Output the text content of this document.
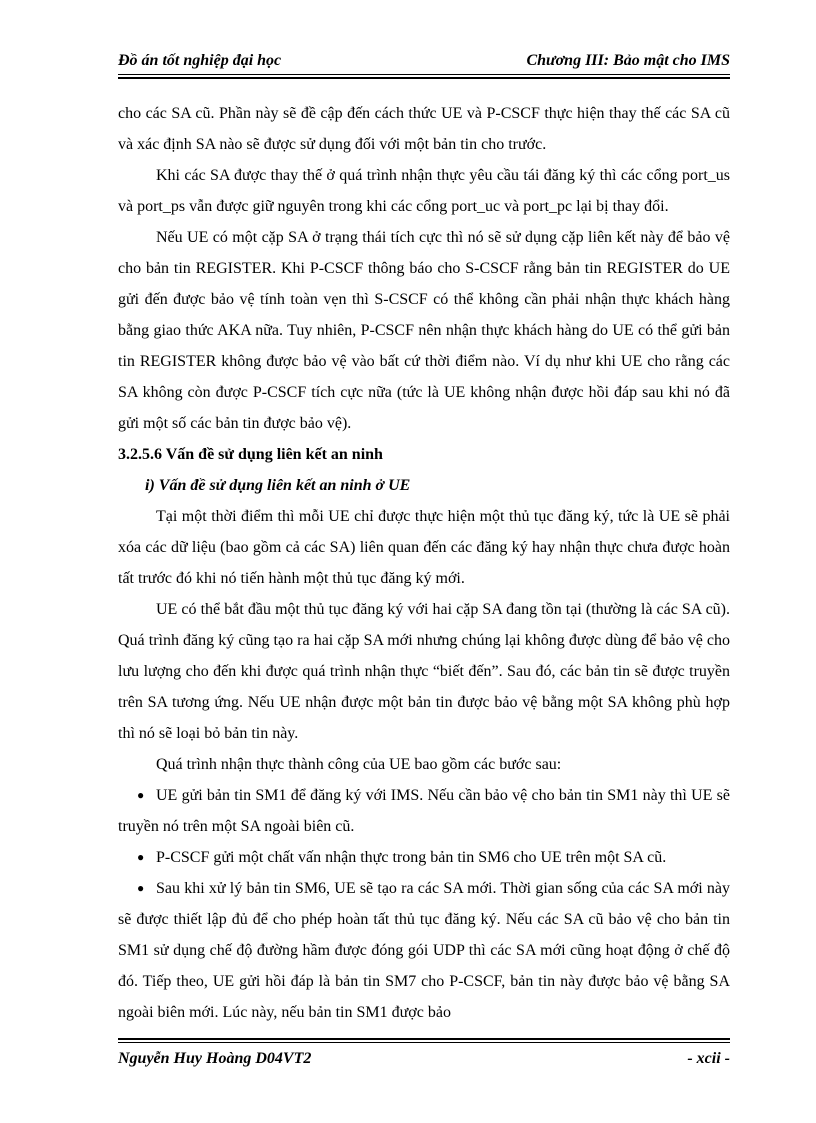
Đồ án tốt nghiệp đại học	Chương III: Bảo mật cho IMS

cho các SA cũ. Phần này sẽ đề cập đến cách thức UE và P-CSCF thực hiện thay thế các SA cũ và xác định SA nào sẽ được sử dụng đối với một bản tin cho trước.

Khi các SA được thay thế ở quá trình nhận thực yêu cầu tái đăng ký thì các cổng port_us và port_ps vẫn được giữ nguyên trong khi các cổng port_uc và port_pc lại bị thay đổi.

Nếu UE có một cặp SA ở trạng thái tích cực thì nó sẽ sử dụng cặp liên kết này để bảo vệ cho bản tin REGISTER. Khi P-CSCF thông báo cho S-CSCF rằng bản tin REGISTER do UE gửi đến được bảo vệ tính toàn vẹn thì S-CSCF có thể không cần phải nhận thực khách hàng bằng giao thức AKA nữa. Tuy nhiên, P-CSCF nên nhận thực khách hàng do UE có thể gửi bản tin REGISTER không được bảo vệ vào bất cứ thời điểm nào. Ví dụ như khi UE cho rằng các SA không còn được P-CSCF tích cực nữa (tức là UE không nhận được hồi đáp sau khi nó đã gửi một số các bản tin được bảo vệ).

3.2.5.6 Vấn đề sử dụng liên kết an ninh
i) Vấn đề sử dụng liên kết an ninh ở UE

Tại một thời điểm thì mỗi UE chỉ được thực hiện một thủ tục đăng ký, tức là UE sẽ phải xóa các dữ liệu (bao gồm cả các SA) liên quan đến các đăng ký hay nhận thực chưa được hoàn tất trước đó khi nó tiến hành một thủ tục đăng ký mới.

UE có thể bắt đầu một thủ tục đăng ký với hai cặp SA đang tồn tại (thường là các SA cũ). Quá trình đăng ký cũng tạo ra hai cặp SA mới nhưng chúng lại không được dùng để bảo vệ cho lưu lượng cho đến khi được quá trình nhận thực “biết đến”. Sau đó, các bản tin sẽ được truyền trên SA tương ứng. Nếu UE nhận được một bản tin được bảo vệ bằng một SA không phù hợp thì nó sẽ loại bỏ bản tin này.

Quá trình nhận thực thành công của UE bao gồm các bước sau:

● UE gửi bản tin SM1 để đăng ký với IMS. Nếu cần bảo vệ cho bản tin SM1 này thì UE sẽ truyền nó trên một SA ngoài biên cũ.
● P-CSCF gửi một chất vấn nhận thực trong bản tin SM6 cho UE trên một SA cũ.
● Sau khi xử lý bản tin SM6, UE sẽ tạo ra các SA mới. Thời gian sống của các SA mới này sẽ được thiết lập đủ để cho phép hoàn tất thủ tục đăng ký. Nếu các SA cũ bảo vệ cho bản tin SM1 sử dụng chế độ đường hầm được đóng gói UDP thì các SA mới cũng hoạt động ở chế độ đó. Tiếp theo, UE gửi hồi đáp là bản tin SM7 cho P-CSCF, bản tin này được bảo vệ bằng SA ngoài biên mới. Lúc này, nếu bản tin SM1 được bảo
Nguyễn Huy Hoàng D04VT2	- xcii -
